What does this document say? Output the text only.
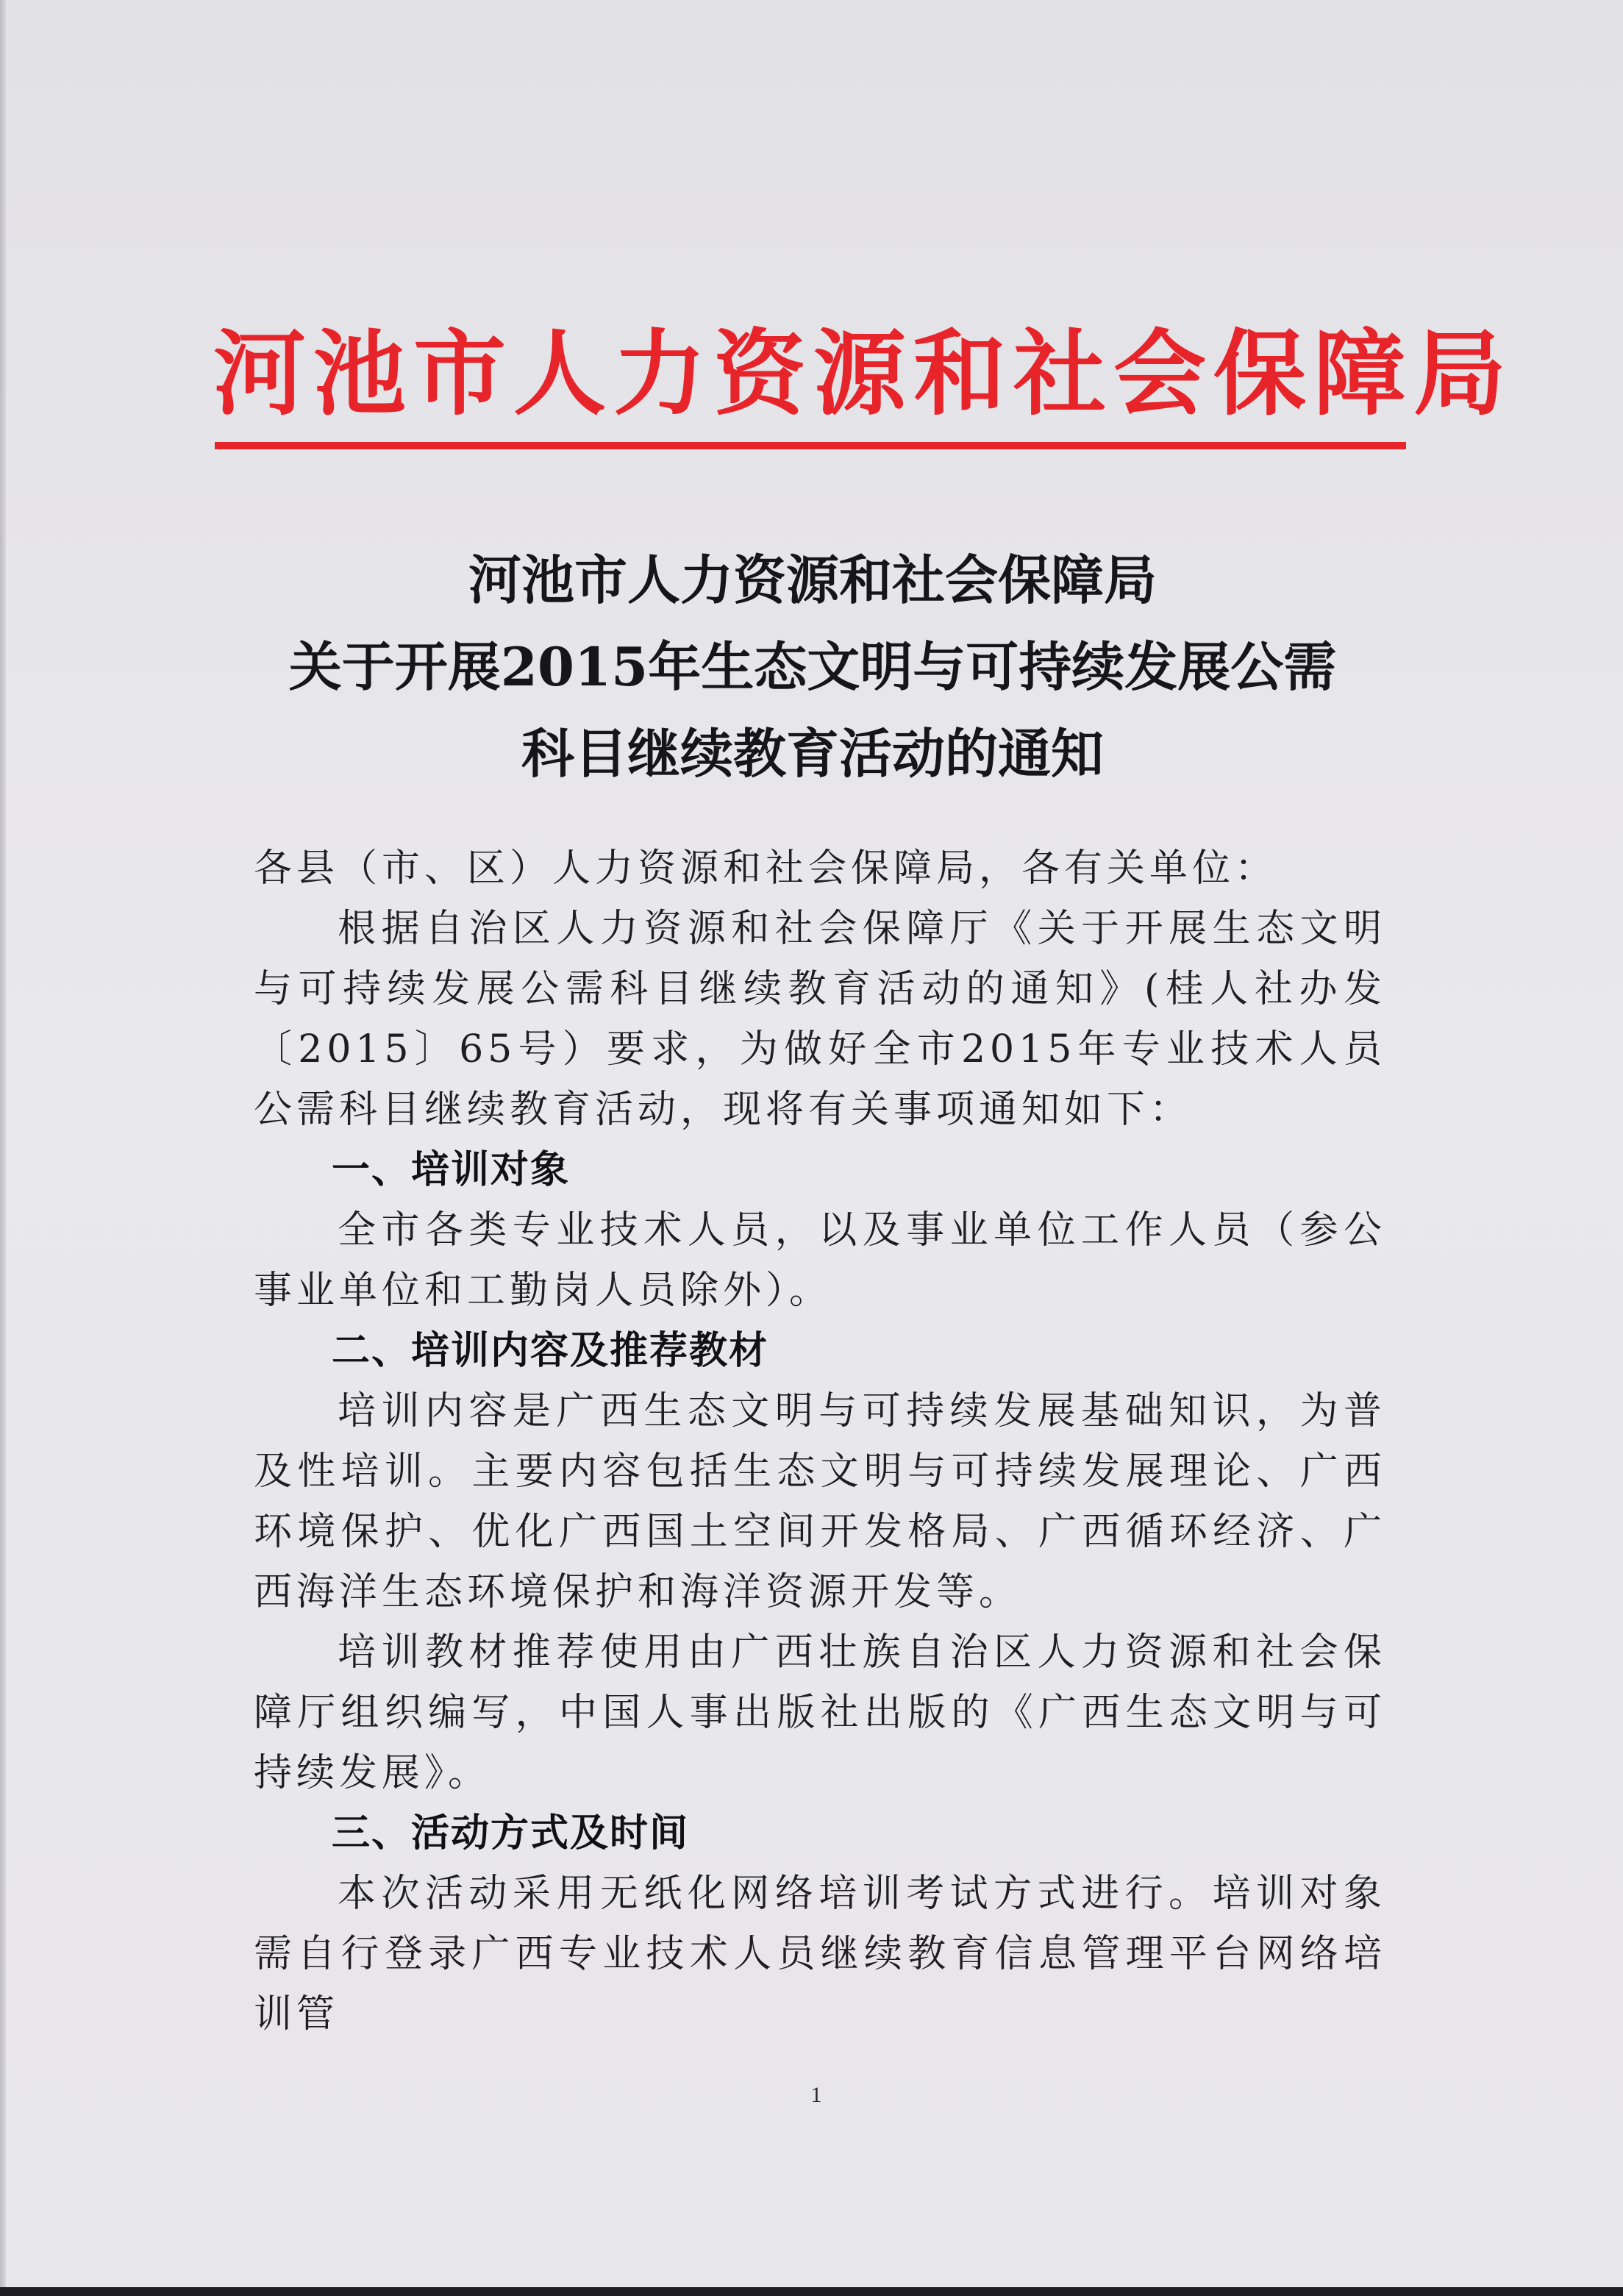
河池市人力资源和社会保障局
河池市人力资源和社会保障局
关于开展2015年生态文明与可持续发展公需
科目继续教育活动的通知

各县（市、区）人力资源和社会保障局，各有关单位：

根据自治区人力资源和社会保障厅《关于开展生态文明与可持续发展公需科目继续教育活动的通知》(桂人社办发〔2015〕65号）要求，为做好全市2015年专业技术人员公需科目继续教育活动，现将有关事项通知如下：

一、培训对象

全市各类专业技术人员，以及事业单位工作人员（参公事业单位和工勤岗人员除外）。

二、培训内容及推荐教材

培训内容是广西生态文明与可持续发展基础知识，为普及性培训。主要内容包括生态文明与可持续发展理论、广西环境保护、优化广西国土空间开发格局、广西循环经济、广西海洋生态环境保护和海洋资源开发等。

培训教材推荐使用由广西壮族自治区人力资源和社会保障厅组织编写，中国人事出版社出版的《广西生态文明与可持续发展》。

三、活动方式及时间

本次活动采用无纸化网络培训考试方式进行。培训对象需自行登录广西专业技术人员继续教育信息管理平台网络培训管

1
